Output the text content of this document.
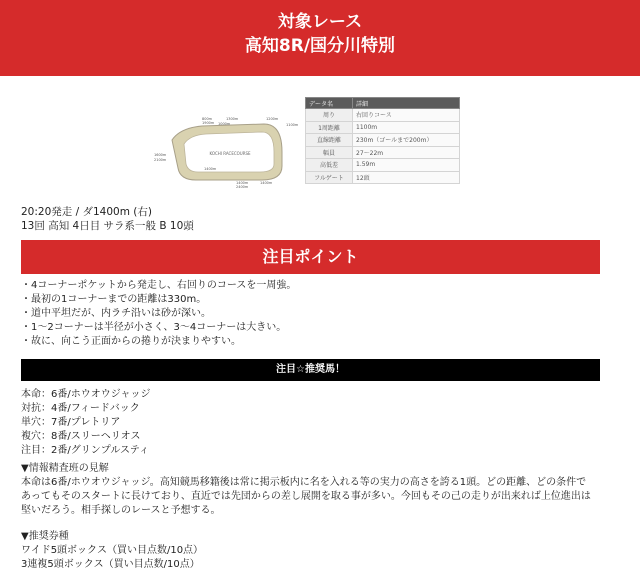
対象レース
高知8R/国分川特別
KOCHI RACECOURSE
800m
1900m 1000m
1300m
1100m
1200m
1600m
2100m
1400m
2400m
1400m	1400m
データ名	詳細
周り	右回りコース
1周距離	1100m
直線距離	230m（ゴールまで200m）
幅員	27〜22m
高低差	1.59m
フルゲート	12頭
20:20発走 / ダ1400m (右)
13回 高知 4日目 サラ系一般 B 10頭
注目ポイント
・4コーナーポケットから発走し、右回りのコースを一周強。
・最初の1コーナーまでの距離は330m。
・道中平坦だが、内ラチ沿いは砂が深い。
・1〜2コーナーは半径が小さく、3〜4コーナーは大きい。
・故に、向こう正面からの捲りが決まりやすい。
注目☆推奨馬！
本命：6番/ホウオウジャッジ
対抗：4番/フィードバック
単穴：7番/プレトリア
複穴：8番/スリーヘリオス
注目：2番/グリンプルスティ
▼情報精査班の見解
本命は6番/ホウオウジャッジ。高知競馬移籍後は常に掲示板内に名を入れる等の実力の高さを誇る1頭。どの距離、どの条件で
あってもそのスタートに長けており、直近では先団からの差し展開を取る事が多い。今回もその己の走りが出来れば上位進出は
堅いだろう。相手探しのレースと予想する。
▼推奨券種
ワイド5頭ボックス（買い目点数/10点）
3連複5頭ボックス（買い目点数/10点）
